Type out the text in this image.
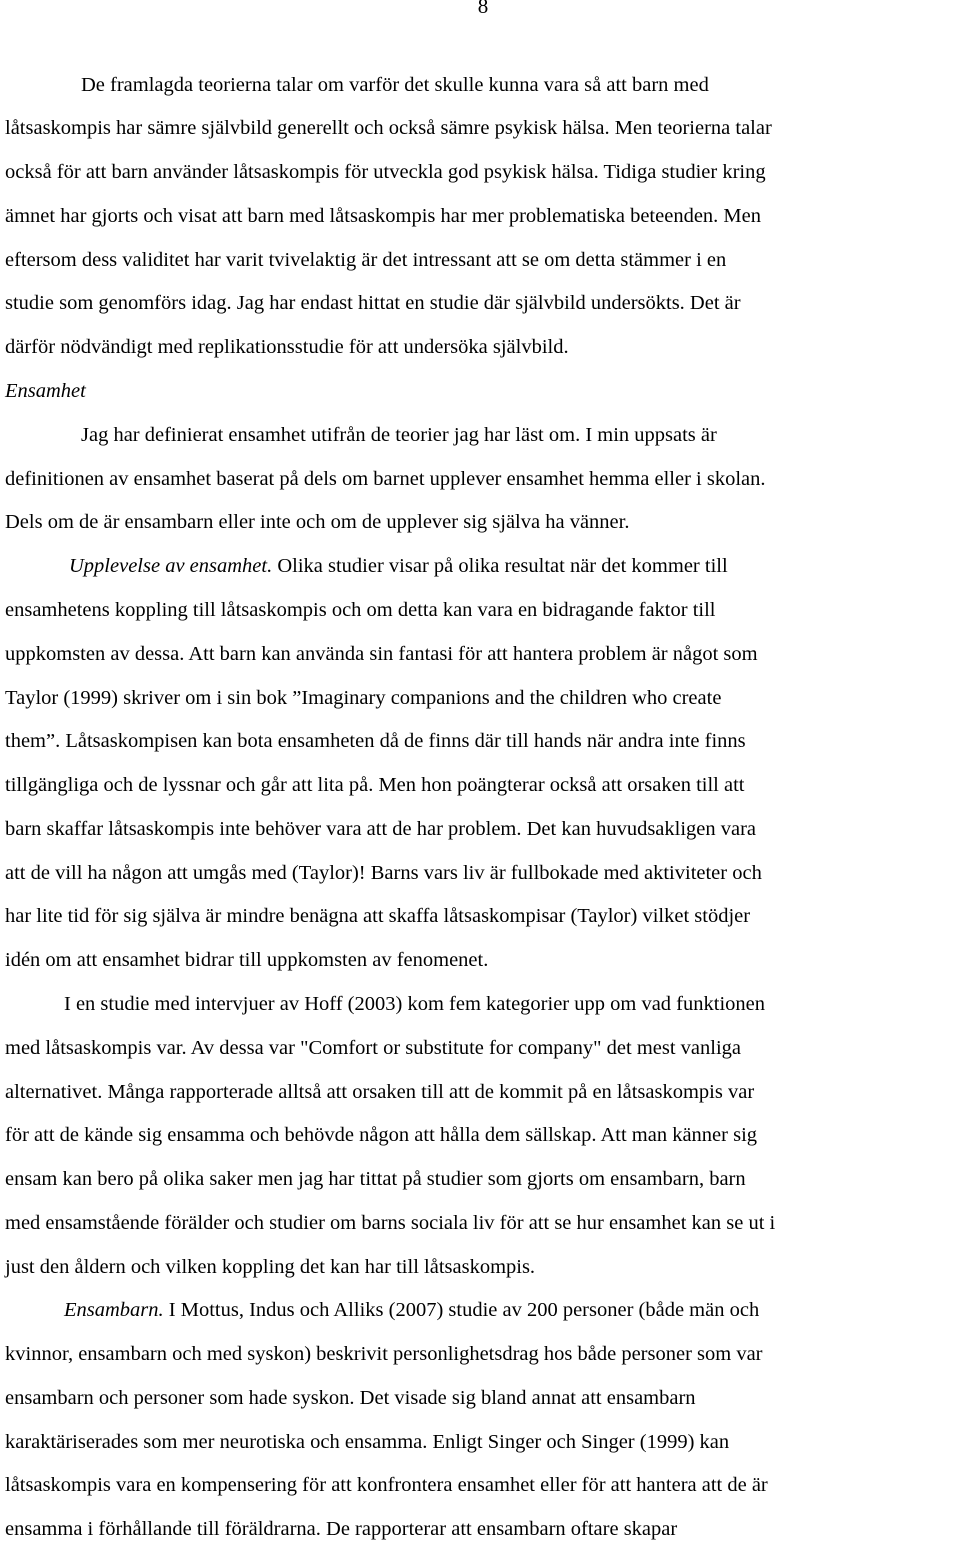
8
De framlagda teorierna talar om varför det skulle kunna vara så att barn med
låtsaskompis har sämre självbild generellt och också sämre psykisk hälsa. Men teorierna talar
också för att barn använder låtsaskompis för utveckla god psykisk hälsa. Tidiga studier kring
ämnet har gjorts och visat att barn med låtsaskompis har mer problematiska beteenden. Men
eftersom dess validitet har varit tvivelaktig är det intressant att se om detta stämmer i en
studie som genomförs idag. Jag har endast hittat en studie där självbild undersökts. Det är
därför nödvändigt med replikationsstudie för att undersöka självbild.
Ensamhet
Jag har definierat ensamhet utifrån de teorier jag har läst om. I min uppsats är
definitionen av ensamhet baserat på dels om barnet upplever ensamhet hemma eller i skolan.
Dels om de är ensambarn eller inte och om de upplever sig själva ha vänner.
Upplevelse av ensamhet. Olika studier visar på olika resultat när det kommer till
ensamhetens koppling till låtsaskompis och om detta kan vara en bidragande faktor till
uppkomsten av dessa. Att barn kan använda sin fantasi för att hantera problem är något som
Taylor (1999) skriver om i sin bok ”Imaginary companions and the children who create
them”. Låtsaskompisen kan bota ensamheten då de finns där till hands när andra inte finns
tillgängliga och de lyssnar och går att lita på. Men hon poängterar också att orsaken till att
barn skaffar låtsaskompis inte behöver vara att de har problem. Det kan huvudsakligen vara
att de vill ha någon att umgås med (Taylor)! Barns vars liv är fullbokade med aktiviteter och
har lite tid för sig själva är mindre benägna att skaffa låtsaskompisar (Taylor) vilket stödjer
idén om att ensamhet bidrar till uppkomsten av fenomenet.
I en studie med intervjuer av Hoff (2003) kom fem kategorier upp om vad funktionen
med låtsaskompis var. Av dessa var "Comfort or substitute for company" det mest vanliga
alternativet. Många rapporterade alltså att orsaken till att de kommit på en låtsaskompis var
för att de kände sig ensamma och behövde någon att hålla dem sällskap. Att man känner sig
ensam kan bero på olika saker men jag har tittat på studier som gjorts om ensambarn, barn
med ensamstående förälder och studier om barns sociala liv för att se hur ensamhet kan se ut i
just den åldern och vilken koppling det kan har till låtsaskompis.
Ensambarn. I Mottus, Indus och Alliks (2007) studie av 200 personer (både män och
kvinnor, ensambarn och med syskon) beskrivit personlighetsdrag hos både personer som var
ensambarn och personer som hade syskon. Det visade sig bland annat att ensambarn
karaktäriserades som mer neurotiska och ensamma. Enligt Singer och Singer (1999) kan
låtsaskompis vara en kompensering för att konfrontera ensamhet eller för att hantera att de är
ensamma i förhållande till föräldrarna. De rapporterar att ensambarn oftare skapar
